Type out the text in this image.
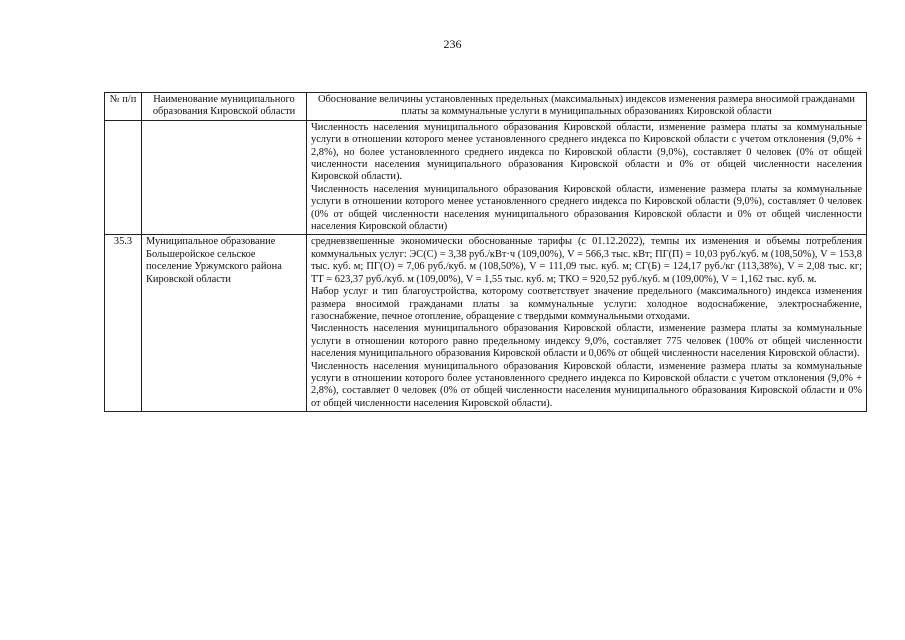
236
№ п/п	Наименование муниципального образования Кировской области	Обоснование величины установленных предельных (максимальных) индексов изменения размера вносимой гражданами платы за коммунальные услуги в муниципальных образованиях Кировской области

		Численность населения муниципального образования Кировской области, изменение размера платы за коммунальные услуги в отношении которого менее установленного среднего индекса по Кировской области с учетом отклонения (9,0% + 2,8%), но более установленного среднего индекса по Кировской области (9,0%), составляет 0 человек (0% от общей численности населения муниципального образования Кировской области и 0% от общей численности населения Кировской области).

Численность населения муниципального образования Кировской области, изменение размера платы за коммунальные услуги в отношении которого менее установленного среднего индекса по Кировской области (9,0%), составляет 0 человек (0% от общей численности населения муниципального образования Кировской области и 0% от общей численности населения Кировской области)

35.3	Муниципальное образование Большеройское сельское поселение Уржумского района Кировской области	средневзвешенные экономически обоснованные тарифы (с 01.12.2022), темпы их изменения и объемы потребления коммунальных услуг: ЭС(С) = 3,38 руб./кВт·ч (109,00%), V = 566,3 тыс. кВт; ПГ(П) = 10,03 руб./куб. м (108,50%), V = 153,8 тыс. куб. м; ПГ(О) = 7,06 руб./куб. м (108,50%), V = 111,09 тыс. куб. м; СГ(Б) = 124,17 руб./кг (113,38%), V = 2,08 тыс. кг; ТТ = 623,37 руб./куб. м (109,00%), V = 1,55 тыс. куб. м; ТКО = 920,52 руб./куб. м (109,00%), V = 1,162 тыс. куб. м.

Набор услуг и тип благоустройства, которому соответствует значение предельного (максимального) индекса изменения размера вносимой гражданами платы за коммунальные услуги: холодное водоснабжение, электроснабжение, газоснабжение, печное отопление, обращение с твердыми коммунальными отходами.

Численность населения муниципального образования Кировской области, изменение размера платы за коммунальные услуги в отношении которого равно предельному индексу 9,0%, составляет 775 человек (100% от общей численности населения муниципального образования Кировской области и 0,06% от общей численности населения Кировской области).

Численность населения муниципального образования Кировской области, изменение размера платы за коммунальные услуги в отношении которого более установленного среднего индекса по Кировской области с учетом отклонения (9,0% + 2,8%), составляет 0 человек (0% от общей численности населения муниципального образования Кировской области и 0% от общей численности населения Кировской области).
